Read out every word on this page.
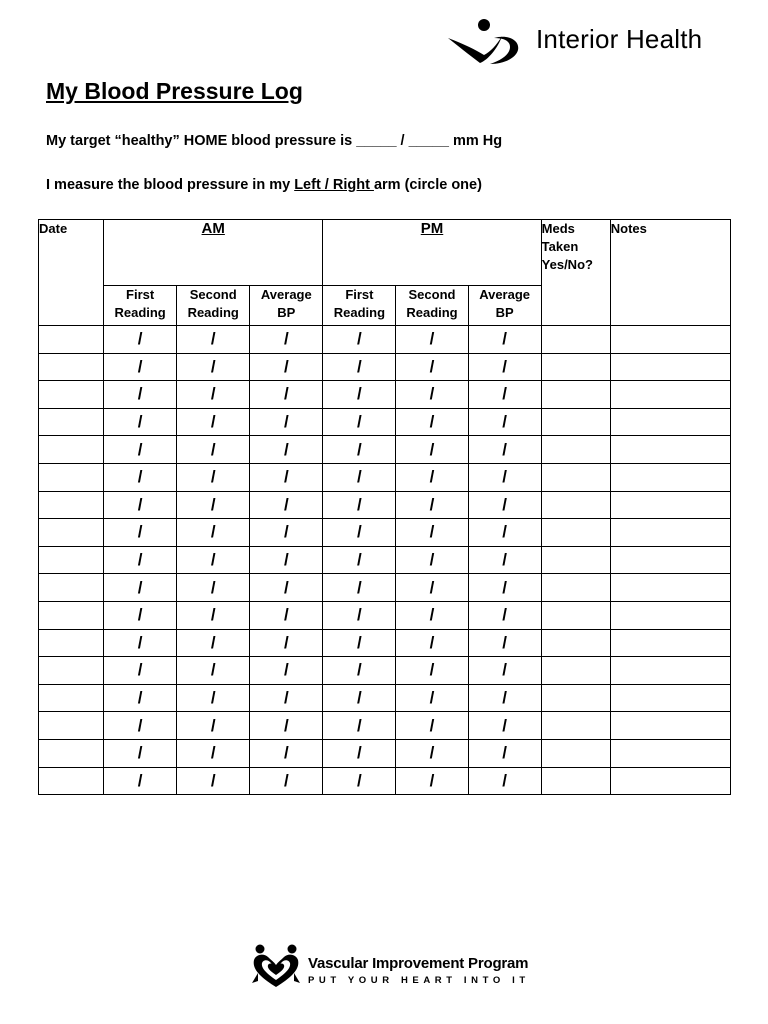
Interior Health
My Blood Pressure Log
My target “healthy” HOME blood pressure is _____ / _____ mm Hg
I measure the blood pressure in my Left / Right arm (circle one)
Date	AM			PM			Meds Taken Yes/No?	Notes
	First Reading	Second Reading	Average BP	First Reading	Second Reading	Average BP		
	/	/	/	/	/	/		
	/	/	/	/	/	/		
	/	/	/	/	/	/		
	/	/	/	/	/	/		
	/	/	/	/	/	/		
	/	/	/	/	/	/		
	/	/	/	/	/	/		
	/	/	/	/	/	/		
	/	/	/	/	/	/		
	/	/	/	/	/	/		
	/	/	/	/	/	/		
	/	/	/	/	/	/		
	/	/	/	/	/	/		
	/	/	/	/	/	/		
	/	/	/	/	/	/		
	/	/	/	/	/	/		
	/	/	/	/	/	/		
Vascular Improvement Program
PUT YOUR HEART INTO IT
